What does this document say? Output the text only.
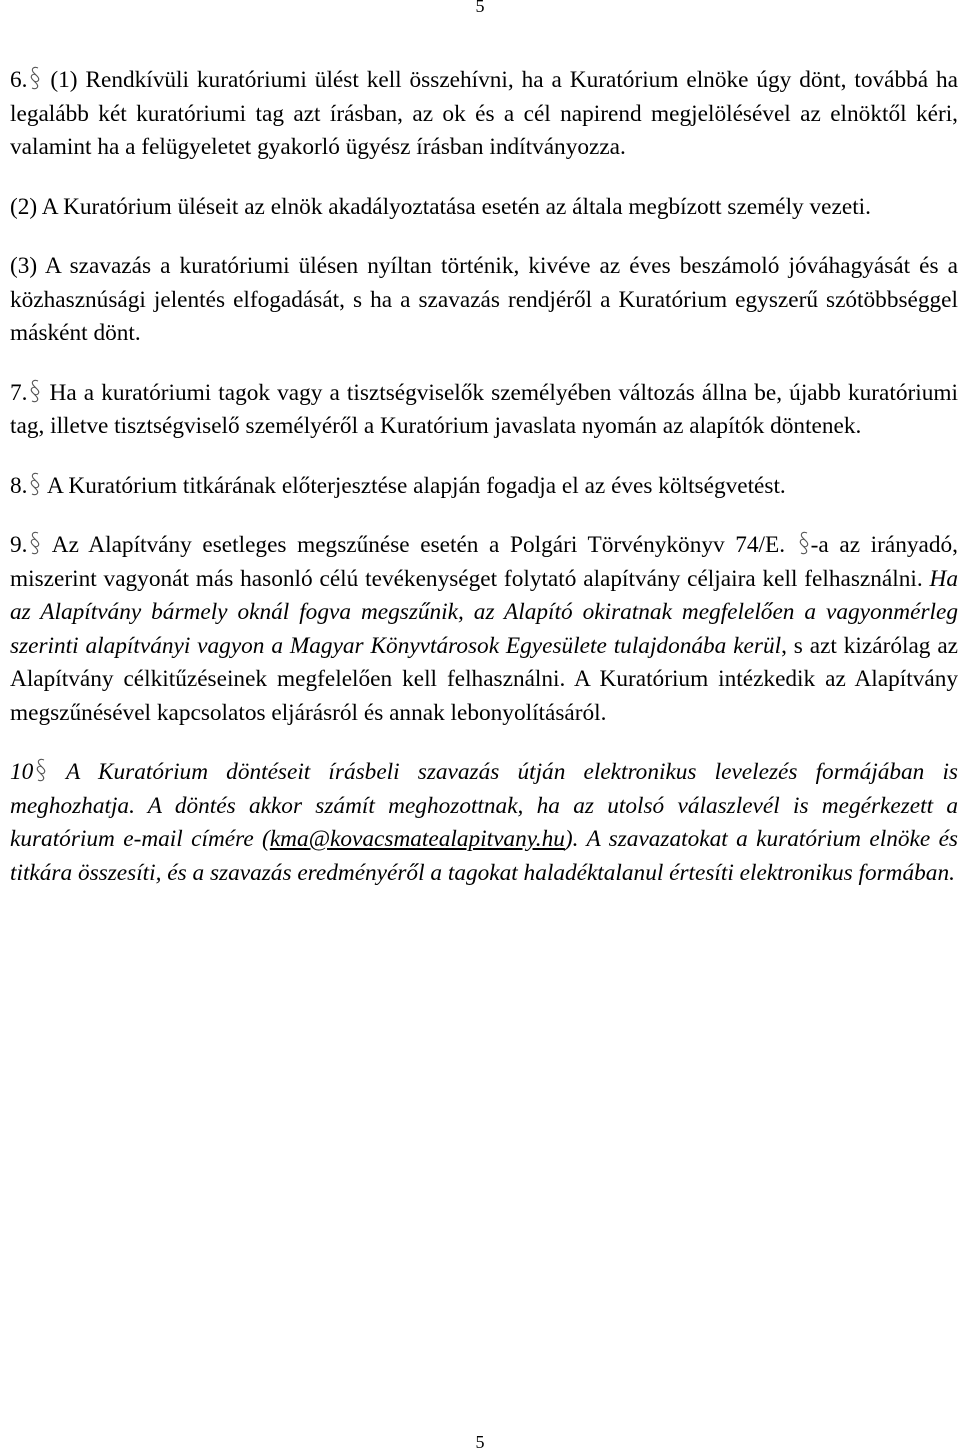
5

6.
(1) Rendkívüli kuratóriumi ülést kell összehívni, ha a Kuratórium elnöke úgy dönt, továbbá ha legalább két kuratóriumi tag azt írásban, az ok és a cél napirend megjelölésével az elnöktől kéri, valamint ha a felügyeletet gyakorló ügyész írásban indítványozza.

(2) A Kuratórium üléseit az elnök akadályoztatása esetén az általa megbízott személy vezeti.

(3) A szavazás a kuratóriumi ülésen nyíltan történik, kivéve az éves beszámoló jóváhagyását és a közhasznúsági jelentés elfogadását, s ha a szavazás rendjéről a Kuratórium egyszerű szótöbbséggel másként dönt.

7.
Ha a kuratóriumi tagok vagy a tisztségviselők személyében változás állna be, újabb kuratóriumi tag, illetve tisztségviselő személyéről a Kuratórium javaslata nyomán az alapítók döntenek.

8.
A Kuratórium titkárának előterjesztése alapján fogadja el az éves költségvetést.

9.
Az Alapítvány esetleges megszűnése esetén a Polgári Törvénykönyv 74/E.
-a az irányadó, miszerint vagyonát más hasonló célú tevékenységet folytató alapítvány céljaira kell felhasználni. Ha az Alapítvány bármely oknál fogva megszűnik, az Alapító okiratnak megfelelően a vagyonmérleg szerinti alapítványi vagyon a Magyar Könyvtárosok Egyesülete tulajdonába kerül, s azt kizárólag az Alapítvány célkitűzéseinek megfelelően kell felhasználni. A Kuratórium intézkedik az Alapítvány megszűnésével kapcsolatos eljárásról és annak lebonyolításáról.

10
A Kuratórium döntéseit írásbeli szavazás útján elektronikus levelezés formájában is meghozhatja. A döntés akkor számít meghozottnak, ha az utolsó válaszlevél is megérkezett a kuratórium e-mail címére (kma@kovacsmatealapitvany.hu). A szavazatokat a kuratórium elnöke és titkára összesíti, és a szavazás eredményéről a tagokat haladéktalanul értesíti elektronikus formában.

5
